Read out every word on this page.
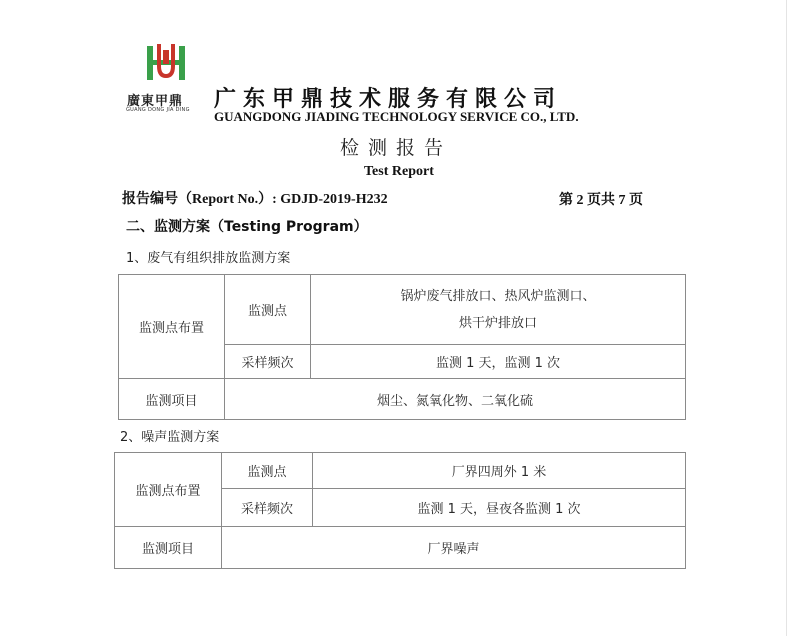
廣東甲鼎
GUANG DONG JIA DING 广东甲鼎技术服务有限公司
GUANGDONG JIADING TECHNOLOGY SERVICE CO., LTD.
检测报告
Test Report
报告编号（Report No.）: GDJD-2019-H232	第 2 页共 7 页
二、监测方案（Testing Program）
1、废气有组织排放监测方案
监测点布置	监测点	锅炉废气排放口、热风炉监测口、
烘干炉排放口

	采样频次	监测 1 天，监测 1 次
监测项目	烟尘、氮氧化物、二氧化硫	
2、噪声监测方案
监测点布置	监测点	厂界四周外 1 米
	采样频次	监测 1 天，昼夜各监测 1 次
监测项目	厂界噪声	
